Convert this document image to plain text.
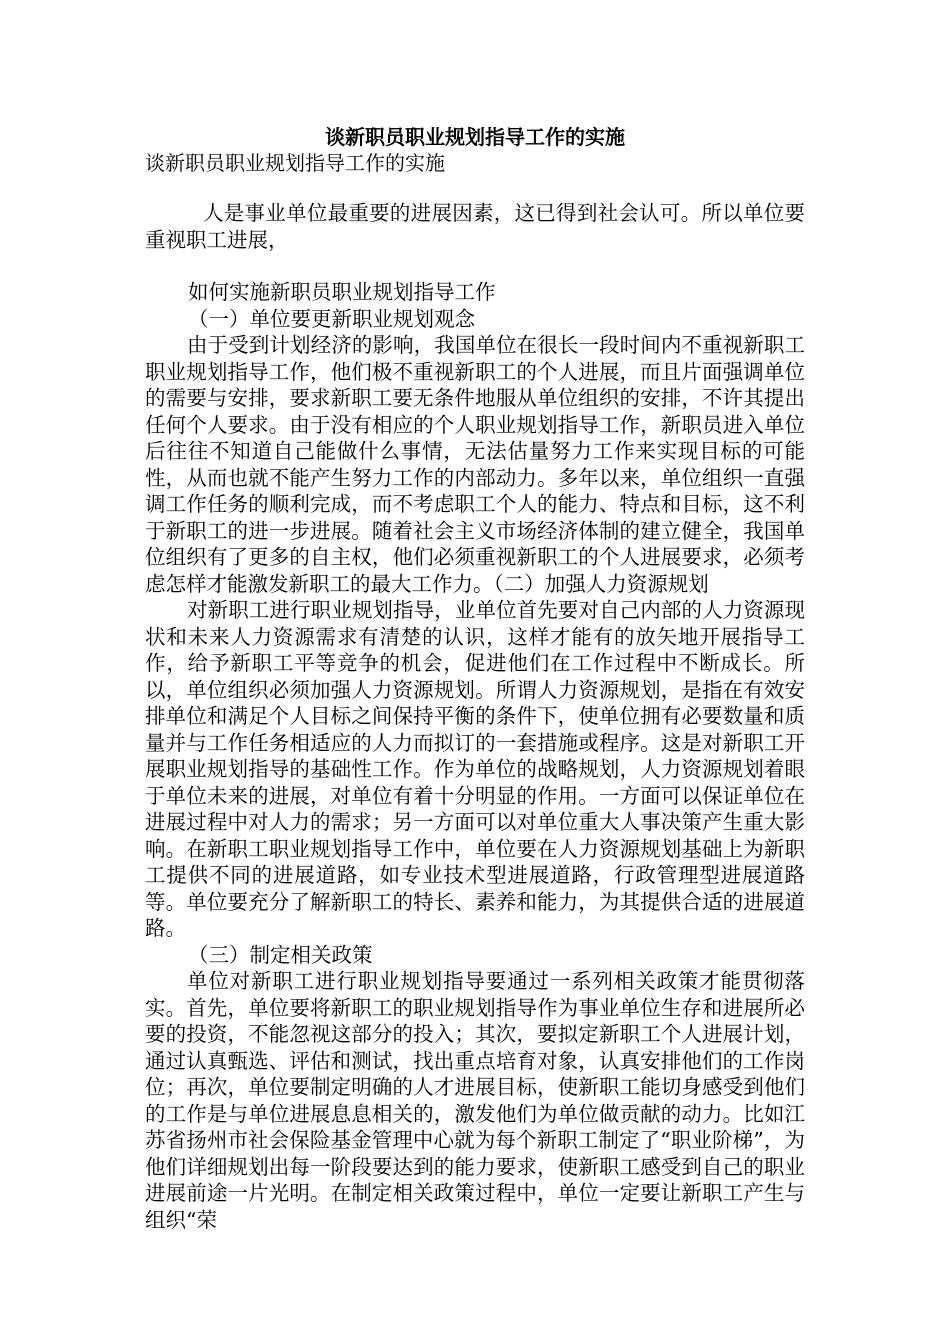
谈新职员职业规划指导工作的实施
谈新职员职业规划指导工作的实施

人是事业单位最重要的进展因素，这已得到社会认可。所以单位要重视职工进展，

如何实施新职员职业规划指导工作

（一）单位要更新职业规划观念

由于受到计划经济的影响，我国单位在很长一段时间内不重视新职工职业规划指导工作，他们极不重视新职工的个人进展，而且片面强调单位的需要与安排，要求新职工要无条件地服从单位组织的安排，不许其提出任何个人要求。由于没有相应的个人职业规划指导工作，新职员进入单位后往往不知道自己能做什么事情，无法估量努力工作来实现目标的可能性，从而也就不能产生努力工作的内部动力。多年以来，单位组织一直强调工作任务的顺利完成，而不考虑职工个人的能力、特点和目标，这不利于新职工的进一步进展。随着社会主义市场经济体制的建立健全，我国单位组织有了更多的自主权，他们必须重视新职工的个人进展要求，必须考虑怎样才能激发新职工的最大工作力。（二）加强人力资源规划

对新职工进行职业规划指导，业单位首先要对自己内部的人力资源现状和未来人力资源需求有清楚的认识，这样才能有的放矢地开展指导工作，给予新职工平等竞争的机会，促进他们在工作过程中不断成长。所以，单位组织必须加强人力资源规划。所谓人力资源规划，是指在有效安排单位和满足个人目标之间保持平衡的条件下，使单位拥有必要数量和质量并与工作任务相适应的人力而拟订的一套措施或程序。这是对新职工开展职业规划指导的基础性工作。作为单位的战略规划，人力资源规划着眼于单位未来的进展，对单位有着十分明显的作用。一方面可以保证单位在进展过程中对人力的需求；另一方面可以对单位重大人事决策产生重大影响。在新职工职业规划指导工作中，单位要在人力资源规划基础上为新职工提供不同的进展道路，如专业技术型进展道路，行政管理型进展道路等。单位要充分了解新职工的特长、素养和能力，为其提供合适的进展道路。

（三）制定相关政策

单位对新职工进行职业规划指导要通过一系列相关政策才能贯彻落实。首先，单位要将新职工的职业规划指导作为事业单位生存和进展所必要的投资，不能忽视这部分的投入；其次，要拟定新职工个人进展计划，通过认真甄选、评估和测试，找出重点培育对象，认真安排他们的工作岗位；再次，单位要制定明确的人才进展目标，使新职工能切身感受到他们的工作是与单位进展息息相关的，激发他们为单位做贡献的动力。比如江苏省扬州市社会保险基金管理中心就为每个新职工制定了“职业阶梯”，为他们详细规划出每一阶段要达到的能力要求，使新职工感受到自己的职业进展前途一片光明。在制定相关政策过程中，单位一定要让新职工产生与组织“荣
